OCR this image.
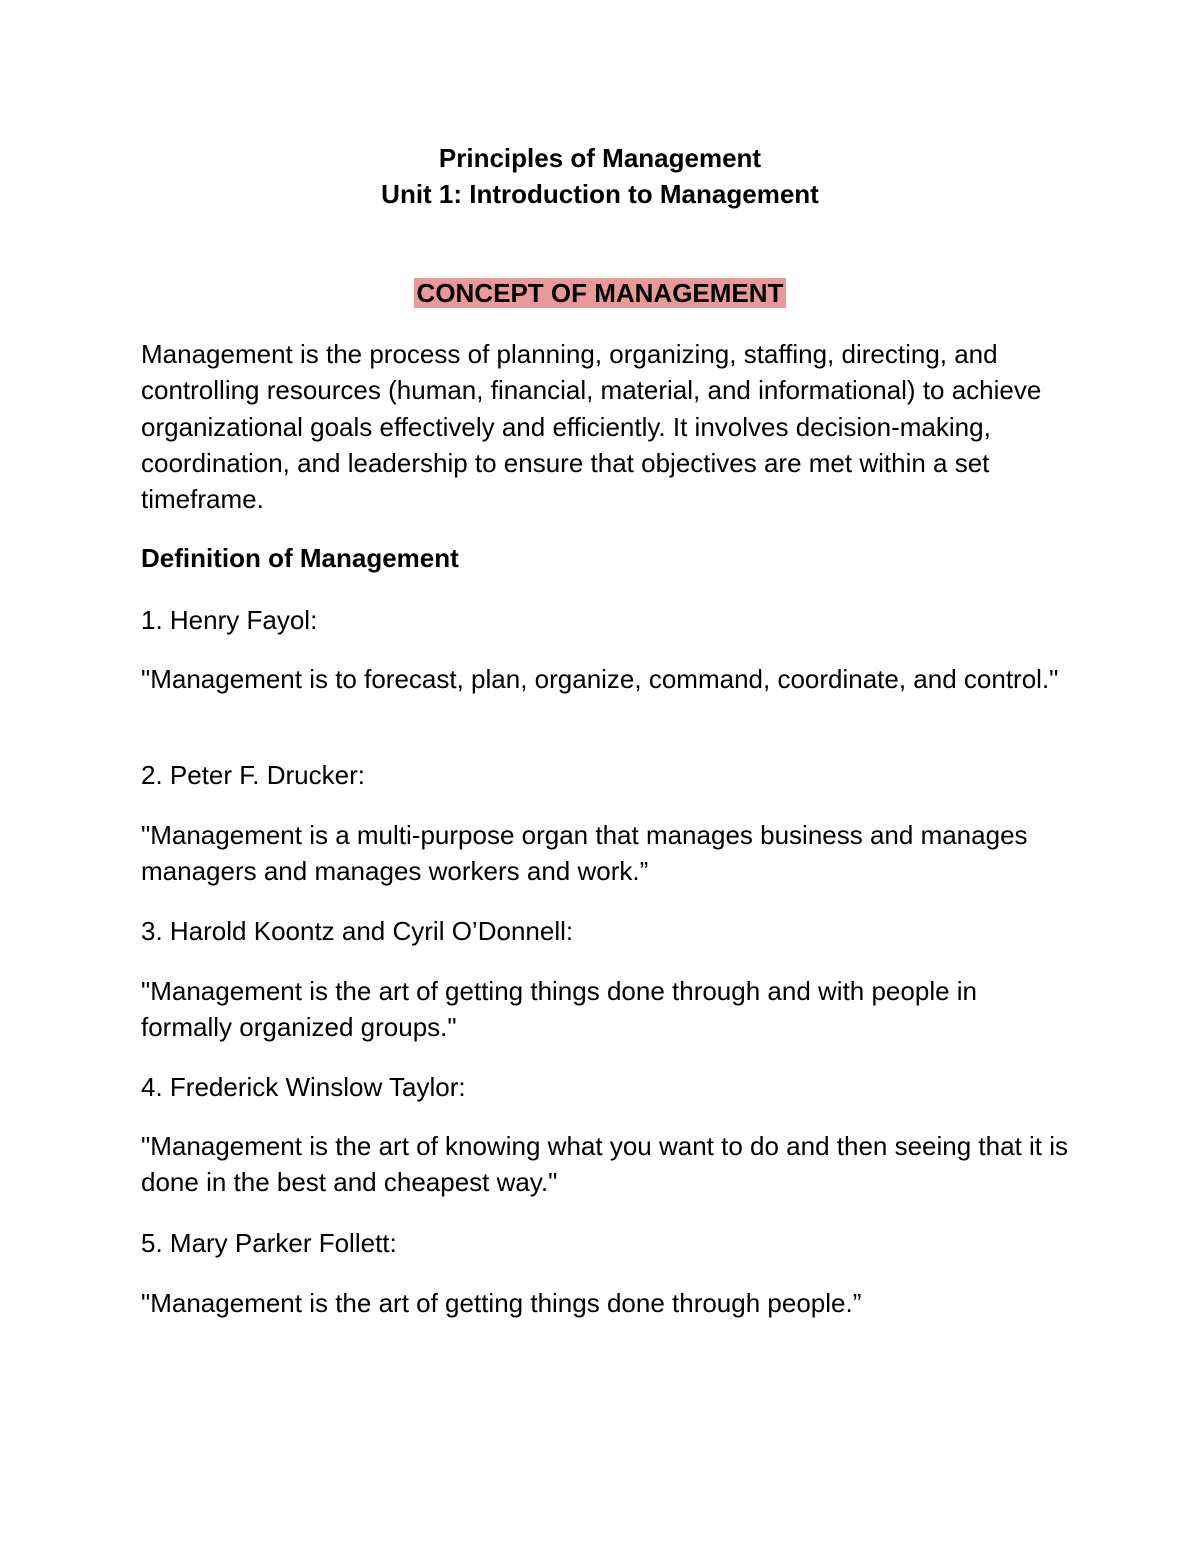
Principles of Management
Unit 1: Introduction to Management
CONCEPT OF MANAGEMENT
Management is the process of planning, organizing, staffing, directing, and controlling resources (human, financial, material, and informational) to achieve organizational goals effectively and efficiently. It involves decision-making, coordination, and leadership to ensure that objectives are met within a set timeframe.
Definition of Management
1. Henry Fayol:
"Management is to forecast, plan, organize, command, coordinate, and control."
2. Peter F. Drucker:
"Management is a multi-purpose organ that manages business and manages managers and manages workers and work.”
3. Harold Koontz and Cyril O’Donnell:
"Management is the art of getting things done through and with people in formally organized groups."
4. Frederick Winslow Taylor:
"Management is the art of knowing what you want to do and then seeing that it is done in the best and cheapest way."
5. Mary Parker Follett:
"Management is the art of getting things done through people.”
